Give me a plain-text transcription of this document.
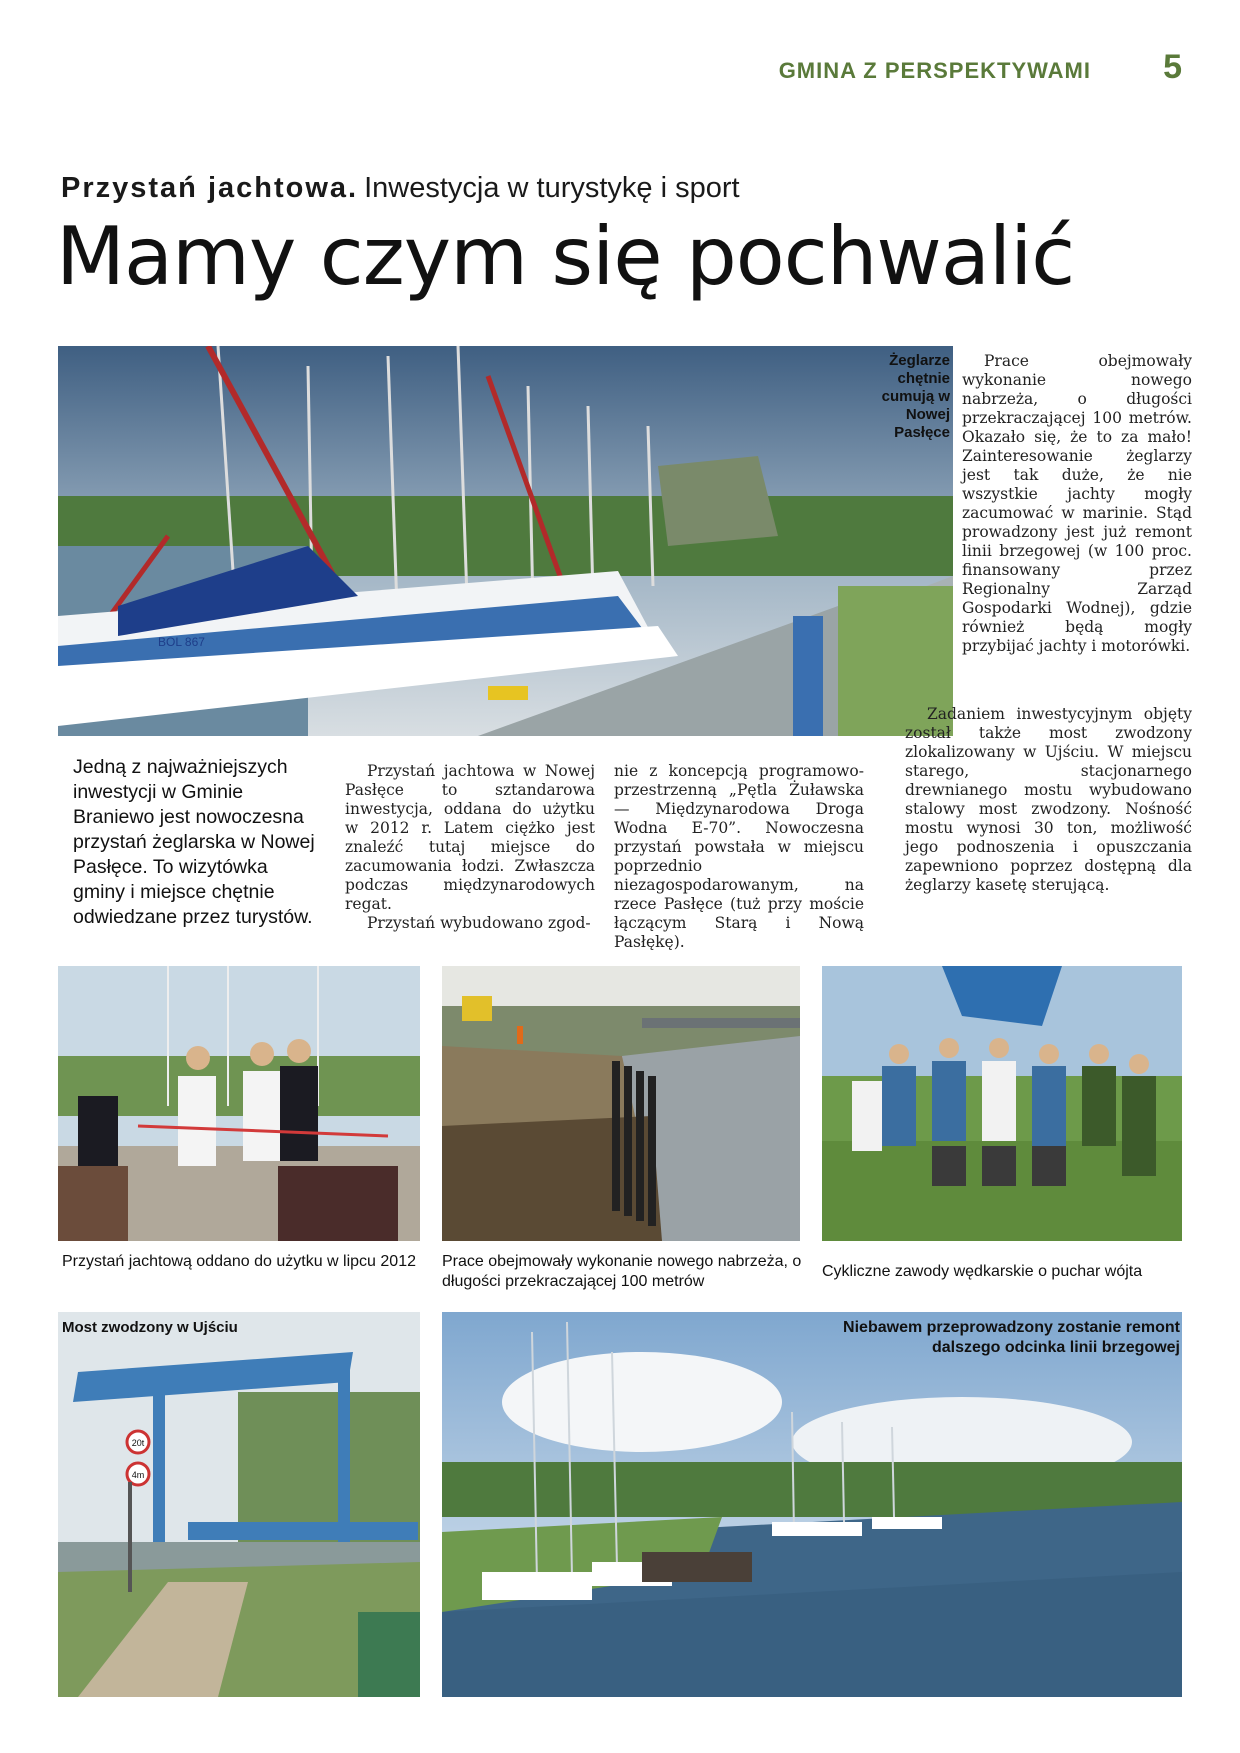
GMINA Z PERSPEKTYWAMI 5
Przystań jachtowa. Inwestycja w turystykę i sport
Mamy czym się pochwalić
BOL 867
Żeglarze chętnie cumują w Nowej Pasłęce
Jedną z najważniejszych inwestycji w Gminie Braniewo jest nowoczesna przystań żeglarska w Nowej Pasłęce. To wizytówka gminy i miejsce chętnie odwiedzane przez turystów.

Przystań jachtowa w Nowej Pasłęce to sztandarowa inwestycja, oddana do użytku w 2012 r. Latem ciężko jest znaleźć tutaj miejsce do zacumowania łodzi. Zwłaszcza podczas międzynarodowych regat.

Przystań wybudowano zgod-

nie z koncepcją programowo-przestrzenną „Pętla Żuławska — Międzynarodowa Droga Wodna E-70”. Nowoczesna przystań powstała w miejscu poprzednio niezagospodarowanym, na rzece Pasłęce (tuż przy moście łączącym Starą i Nową Pasłękę).

Prace obejmowały wykonanie nowego nabrzeża, o długości przekraczającej 100 metrów. Okazało się, że to za mało! Zainteresowanie żeglarzy jest tak duże, że nie wszystkie jachty mogły zacumować w marinie. Stąd prowadzony jest już remont linii brzegowej (w 100 proc. finansowany przez Regionalny Zarząd Gospodarki Wodnej), gdzie również będą mogły przybijać jachty i motorówki.

Zadaniem inwestycyjnym objęty został także most zwodzony zlokalizowany w Ujściu. W miejscu starego, stacjonarnego drewnianego mostu wybudowano stalowy most zwodzony. Nośność mostu wynosi 30 ton, możliwość jego podnoszenia i opuszczania zapewniono poprzez dostępną dla żeglarzy kasetę sterującą.

Przystań jachtową oddano do użytku w lipcu 2012 Prace obejmowały wykonanie nowego nabrzeża, o długości przekraczającej 100 metrów
Cykliczne zawody wędkarskie o puchar wójta
20t
4m
Most zwodzony w Ujściu	Niebawem przeprowadzony zostanie remont dalszego odcinka linii brzegowej
